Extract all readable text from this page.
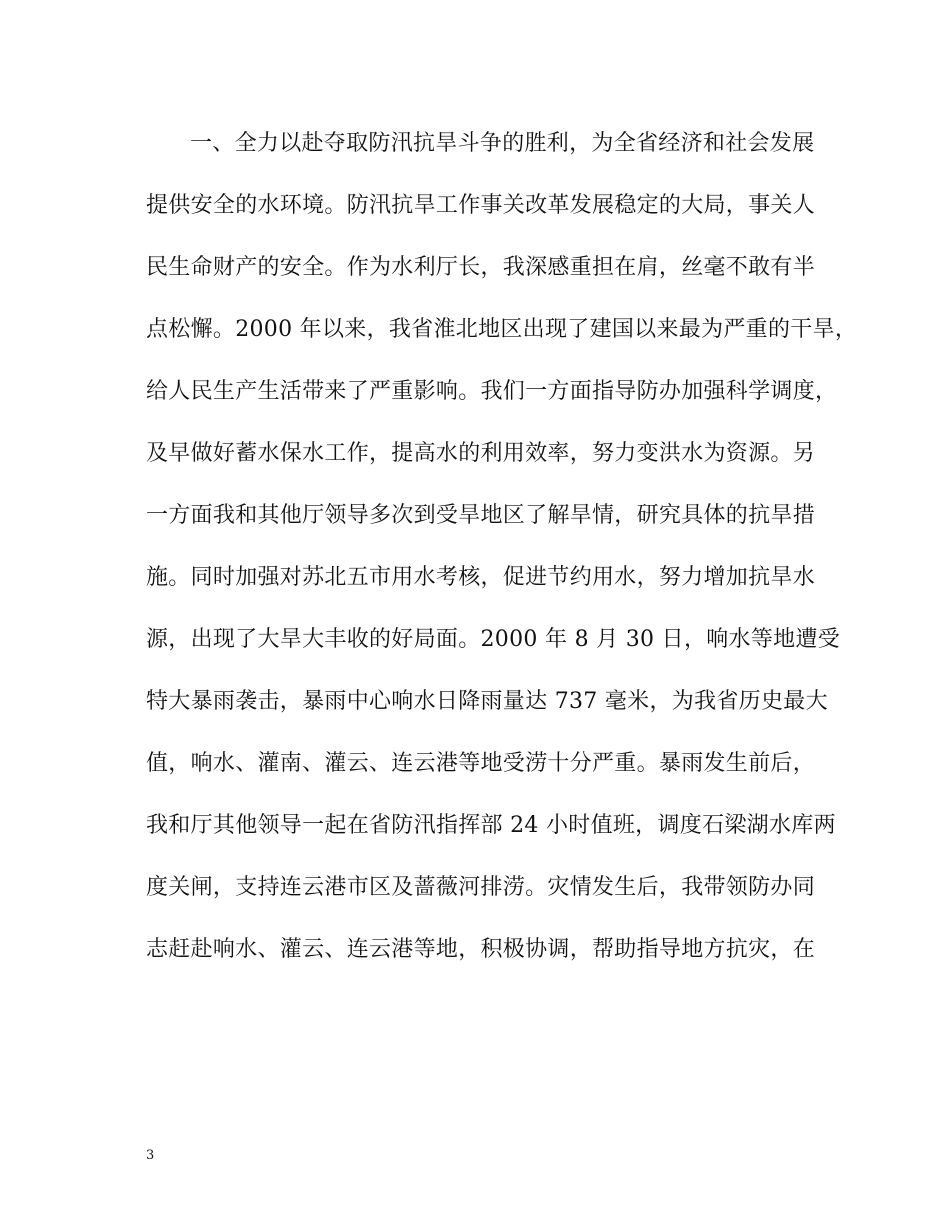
一、全力以赴夺取防汛抗旱斗争的胜利，为全省经济和社会发展
提供安全的水环境。防汛抗旱工作事关改革发展稳定的大局，事关人
民生命财产的安全。作为水利厅长，我深感重担在肩，丝毫不敢有半
点松懈。2000 年以来，我省淮北地区出现了建国以来最为严重的干旱，
给人民生产生活带来了严重影响。我们一方面指导防办加强科学调度，
及早做好蓄水保水工作，提高水的利用效率，努力变洪水为资源。另
一方面我和其他厅领导多次到受旱地区了解旱情，研究具体的抗旱措
施。同时加强对苏北五市用水考核，促进节约用水，努力增加抗旱水
源，出现了大旱大丰收的好局面。2000 年 8 月 30 日，响水等地遭受
特大暴雨袭击，暴雨中心响水日降雨量达 737 毫米，为我省历史最大
值，响水、灌南、灌云、连云港等地受涝十分严重。暴雨发生前后，
我和厅其他领导一起在省防汛指挥部 24 小时值班，调度石梁湖水库两
度关闸，支持连云港市区及蔷薇河排涝。灾情发生后，我带领防办同
志赶赴响水、灌云、连云港等地，积极协调，帮助指导地方抗灾，在
3
